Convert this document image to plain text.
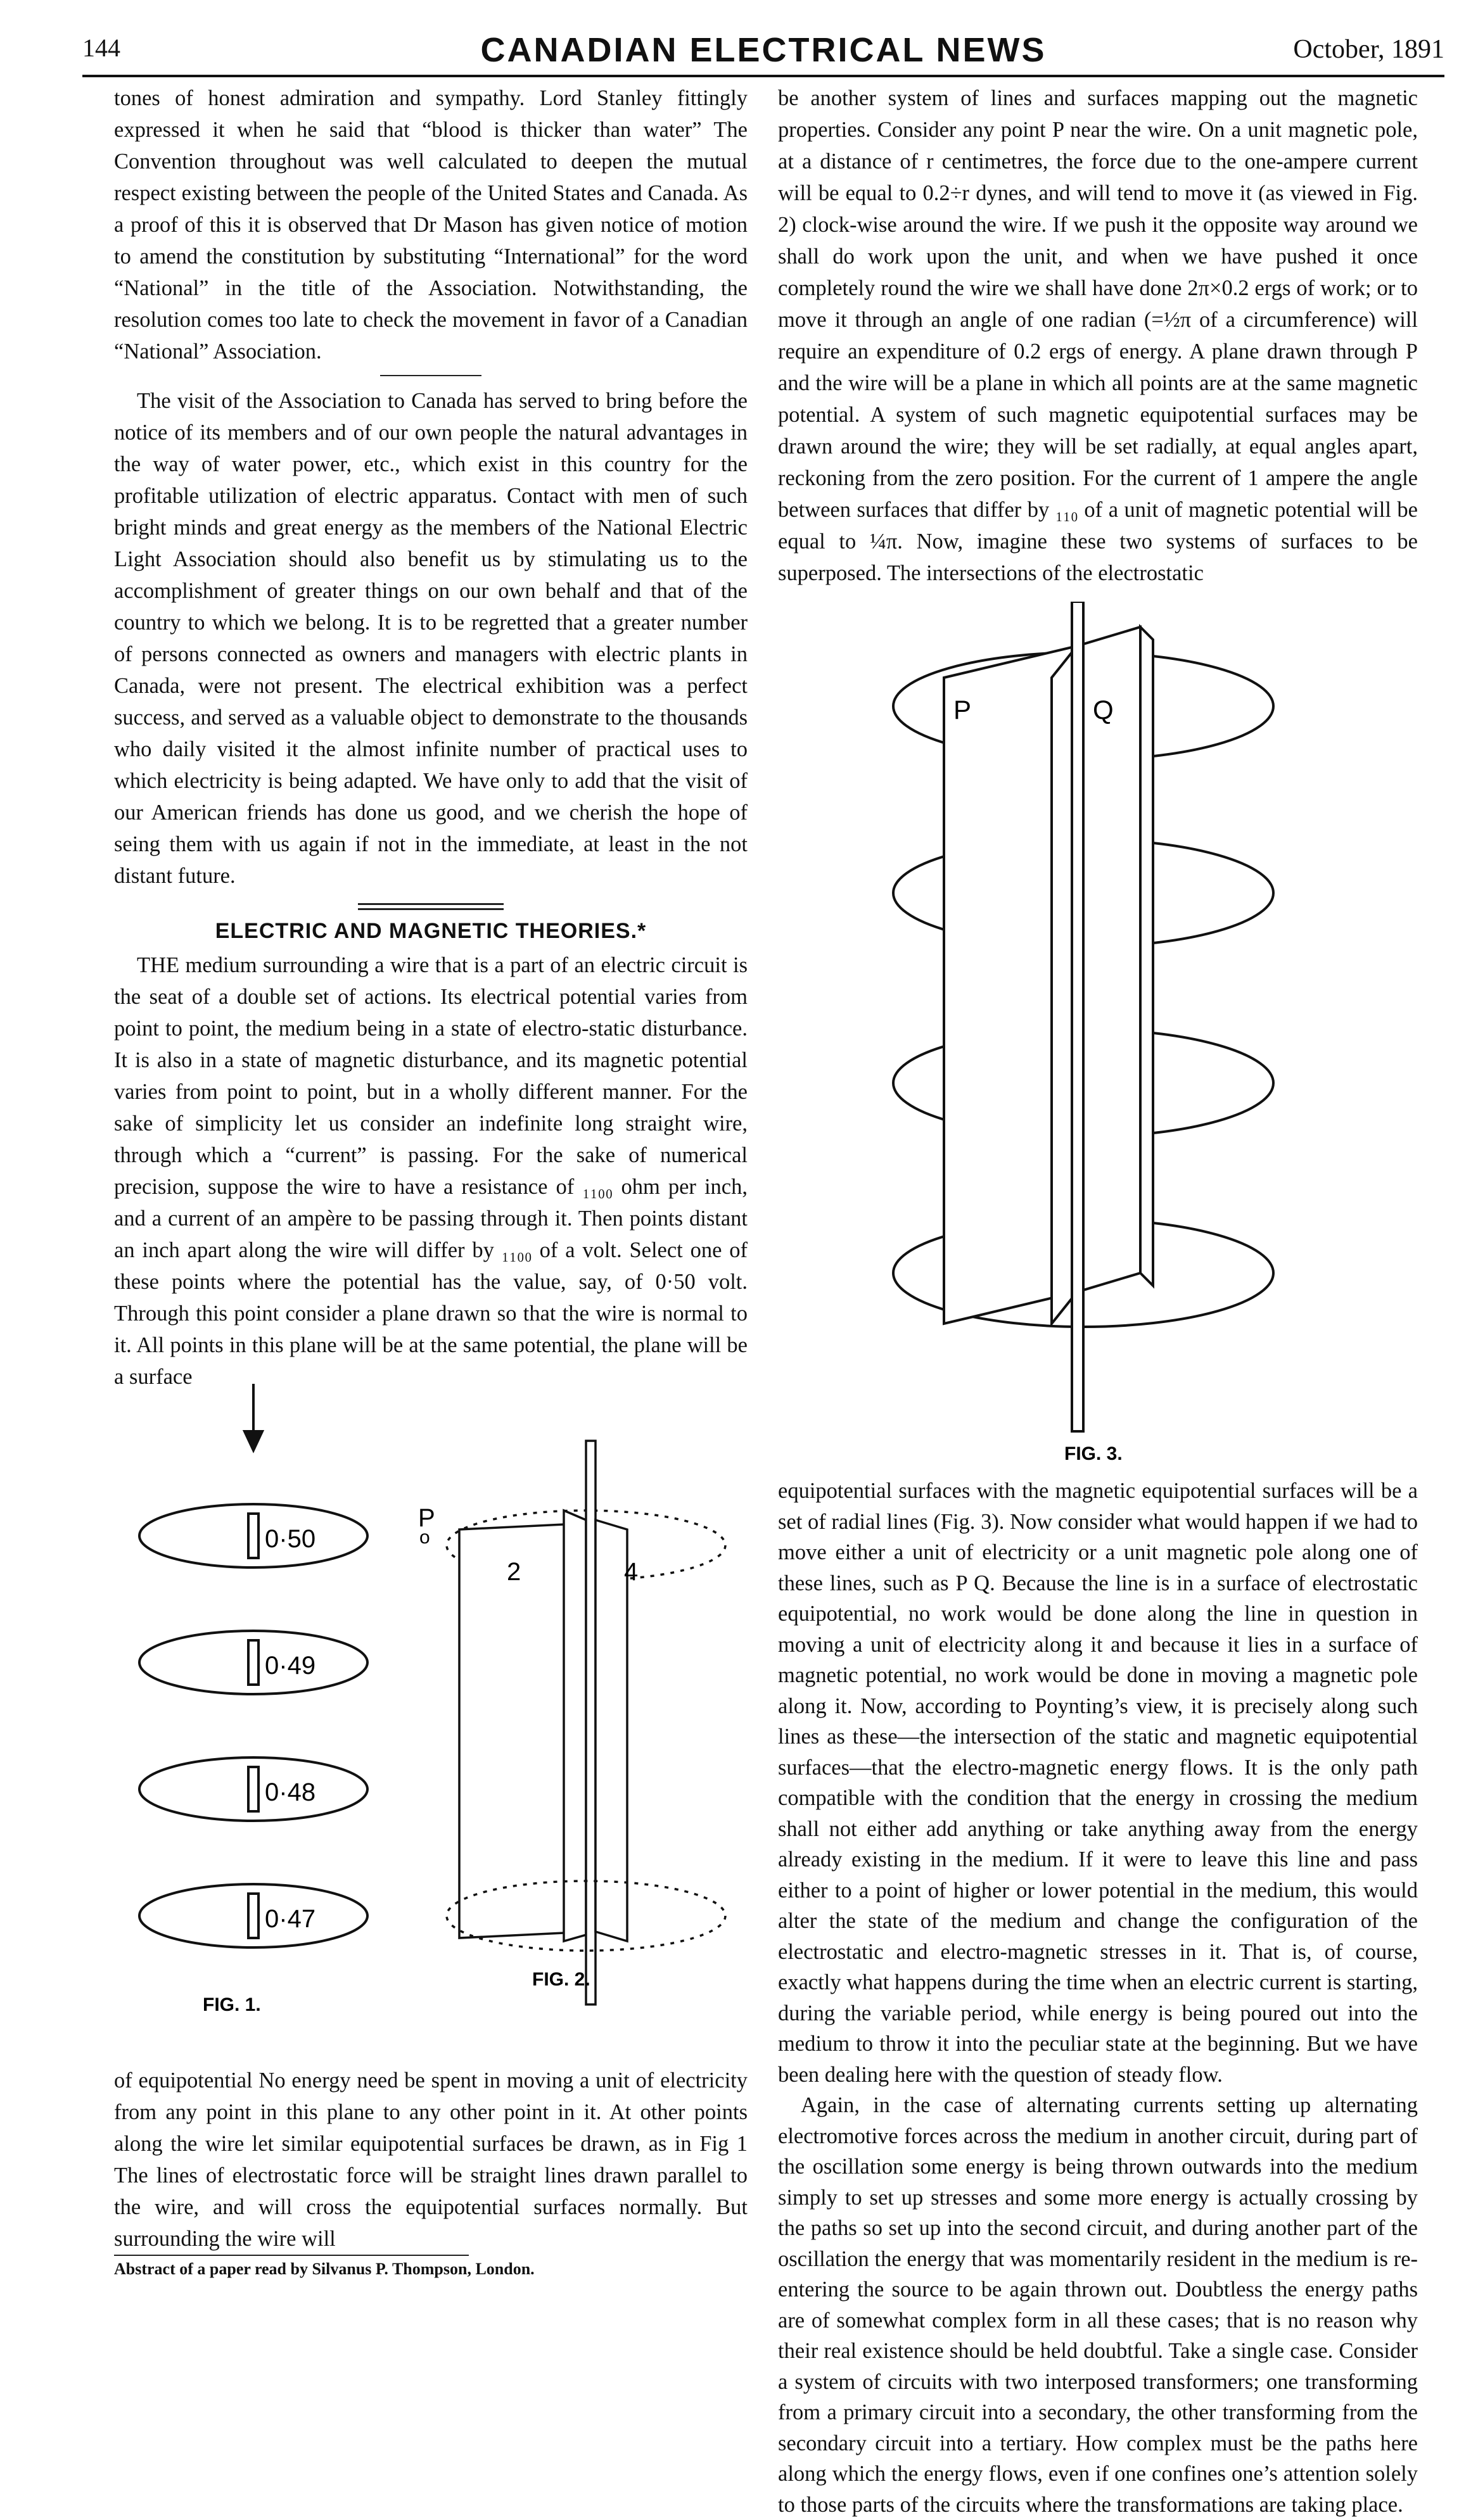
144	CANADIAN ELECTRICAL NEWS	October, 1891

tones of honest admiration and sympathy. Lord Stanley fittingly expressed it when he said that “blood is thicker than water” The Convention throughout was well calculated to deepen the mutual respect existing between the people of the United States and Canada. As a proof of this it is observed that Dr Mason has given notice of motion to amend the constitution by substituting “International” for the word “National” in the title of the Association. Notwithstanding, the resolution comes too late to check the movement in favor of a Canadian “National” Association.

The visit of the Association to Canada has served to bring before the notice of its members and of our own people the natural advantages in the way of water power, etc., which exist in this country for the profitable utilization of electric apparatus. Contact with men of such bright minds and great energy as the members of the National Electric Light Association should also benefit us by stimulating us to the accomplishment of greater things on our own behalf and that of the country to which we belong. It is to be regretted that a greater number of persons connected as owners and managers with electric plants in Canada, were not present. The electrical exhibition was a perfect success, and served as a valuable object to demonstrate to the thousands who daily visited it the almost infinite number of practical uses to which electricity is being adapted. We have only to add that the visit of our American friends has done us good, and we cherish the hope of seing them with us again if not in the immediate, at least in the not distant future.

ELECTRIC AND MAGNETIC THEORIES.*

THE medium surrounding a wire that is a part of an electric circuit is the seat of a double set of actions. Its electrical potential varies from point to point, the medium being in a state of electro-static disturbance. It is also in a state of magnetic disturbance, and its magnetic potential varies from point to point, but in a wholly different manner. For the sake of simplicity let us consider an indefinite long straight wire, through which a “current” is passing. For the sake of numerical precision, suppose the wire to have a resistance of ₁₁₀₀ ohm per inch, and a current of an ampère to be passing through it. Then points distant an inch apart along the wire will differ by ₁₁₀₀ of a volt. Select one of these points where the potential has the value, say, of 0·50 volt. Through this point consider a plane drawn so that the wire is normal to it. All points in this plane will be at the same potential, the plane will be a surface

0·50
0·49
0·48
0·47
FIG. 1.
P
o
2	4
FIG. 2.

of equipotential No energy need be spent in moving a unit of electricity from any point in this plane to any other point in it. At other points along the wire let similar equipotential surfaces be drawn, as in Fig 1 The lines of electrostatic force will be straight lines drawn parallel to the wire, and will cross the equipotential surfaces normally. But surrounding the wire will

Abstract of a paper read by Silvanus P. Thompson, London.

be another system of lines and surfaces mapping out the magnetic properties. Consider any point P near the wire. On a unit magnetic pole, at a distance of r centimetres, the force due to the one-ampere current will be equal to 0.2÷r dynes, and will tend to move it (as viewed in Fig. 2) clock-wise around the wire. If we push it the opposite way around we shall do work upon the unit, and when we have pushed it once completely round the wire we shall have done 2π×0.2 ergs of work; or to move it through an angle of one radian (=½π of a circumference) will require an expenditure of 0.2 ergs of energy. A plane drawn through P and the wire will be a plane in which all points are at the same magnetic potential. A system of such magnetic equipotential surfaces may be drawn around the wire; they will be set radially, at equal angles apart, reckoning from the zero position. For the current of 1 ampere the angle between surfaces that differ by ₁₁₀ of a unit of magnetic potential will be equal to ¼π. Now, imagine these two systems of surfaces to be superposed. The intersections of the electrostatic

P	Q
FIG. 3.

equipotential surfaces with the magnetic equipotential surfaces will be a set of radial lines (Fig. 3). Now consider what would happen if we had to move either a unit of electricity or a unit magnetic pole along one of these lines, such as P Q. Because the line is in a surface of electrostatic equipotential, no work would be done along the line in question in moving a unit of electricity along it and because it lies in a surface of magnetic potential, no work would be done in moving a magnetic pole along it. Now, according to Poynting’s view, it is precisely along such lines as these—the intersection of the static and magnetic equipotential surfaces—that the electro-magnetic energy flows. It is the only path compatible with the condition that the energy in crossing the medium shall not either add anything or take anything away from the energy already existing in the medium. If it were to leave this line and pass either to a point of higher or lower potential in the medium, this would alter the state of the medium and change the configuration of the electrostatic and electro-magnetic stresses in it. That is, of course, exactly what happens during the time when an electric current is starting, during the variable period, while energy is being poured out into the medium to throw it into the peculiar state at the beginning. But we have been dealing here with the question of steady flow.

Again, in the case of alternating currents setting up alternating electromotive forces across the medium in another circuit, during part of the oscillation some energy is being thrown outwards into the medium simply to set up stresses and some more energy is actually crossing by the paths so set up into the second circuit, and during another part of the oscillation the energy that was momentarily resident in the medium is re-entering the source to be again thrown out. Doubtless the energy paths are of somewhat complex form in all these cases; that is no reason why their real existence should be held doubtful. Take a single case. Consider a system of circuits with two interposed transformers; one transforming from a primary circuit into a secondary, the other transforming from the secondary circuit into a tertiary. How complex must be the paths here along which the energy flows, even if one confines one’s attention solely to those parts of the circuits where the transformations are taking place.
